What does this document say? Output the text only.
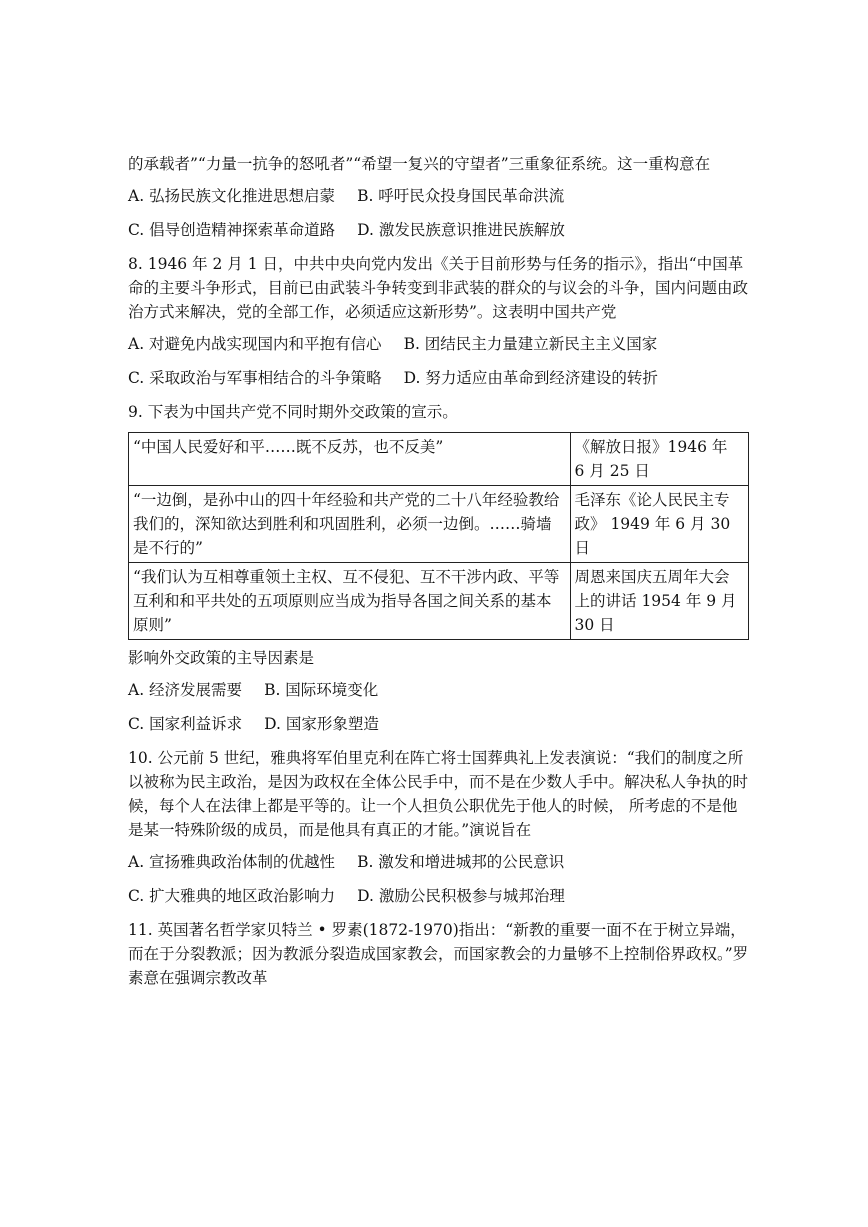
的承载者”“力量一抗争的怒吼者”“希望一复兴的守望者”三重象征系统。这一重构意在

A. 弘扬民族文化推进思想启蒙 B. 呼吁民众投身国民革命洪流
C. 倡导创造精神探索革命道路 D. 激发民族意识推进民族解放

8. 1946 年 2 月 1 日，中共中央向党内发出《关于目前形势与任务的指示》，指出“中国革命的主要斗争形式，目前已由武装斗争转变到非武装的群众的与议会的斗争，国内问题由政治方式来解决，党的全部工作，必须适应这新形势”。这表明中国共产党

A. 对避免内战实现国内和平抱有信心 B. 团结民主力量建立新民主主义国家
C. 采取政治与军事相结合的斗争策略 D. 努力适应由革命到经济建设的转折

9. 下表为中国共产党不同时期外交政策的宣示。

“中国人民爱好和平……既不反苏，也不反美”	《解放日报》1946 年 6 月 25 日
“一边倒，是孙中山的四十年经验和共产党的二十八年经验教给我们的，深知欲达到胜利和巩固胜利，必须一边倒。……骑墙是不行的”	毛泽东《论人民民主专政》 1949 年 6 月 30 日
“我们认为互相尊重领土主权、互不侵犯、互不干涉内政、平等互利和和平共处的五项原则应当成为指导各国之间关系的基本原则”	周恩来国庆五周年大会上的讲话 1954 年 9 月 30 日

影响外交政策的主导因素是

A. 经济发展需要 B. 国际环境变化
C. 国家利益诉求 D. 国家形象塑造

10. 公元前 5 世纪，雅典将军伯里克利在阵亡将士国葬典礼上发表演说：“我们的制度之所以被称为民主政治，是因为政权在全体公民手中，而不是在少数人手中。解决私人争执的时候，每个人在法律上都是平等的。让一个人担负公职优先于他人的时候， 所考虑的不是他是某一特殊阶级的成员，而是他具有真正的才能。”演说旨在

A. 宣扬雅典政治体制的优越性 B. 激发和增进城邦的公民意识
C. 扩大雅典的地区政治影响力 D. 激励公民积极参与城邦治理

11. 英国著名哲学家贝特兰 • 罗素(1872-1970)指出：“新教的重要一面不在于树立异端， 而在于分裂教派；因为教派分裂造成国家教会，而国家教会的力量够不上控制俗界政权。”罗素意在强调宗教改革
